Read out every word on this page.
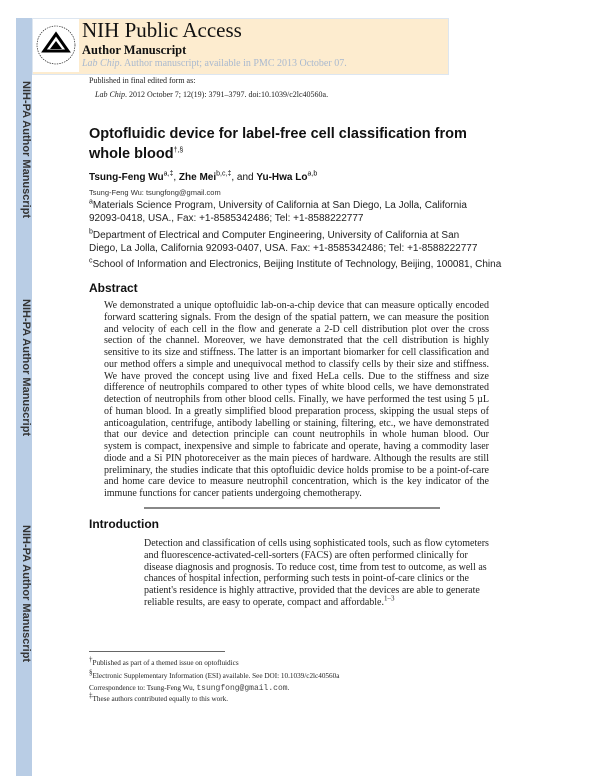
NIH-PA Author Manuscript
NIH-PA Author Manuscript
NIH-PA Author Manuscript
NIH Public Access
Author Manuscript
Lab Chip. Author manuscript; available in PMC 2013 October 07.
Published in final edited form as:
Lab Chip. 2012 October 7; 12(19): 3791–3797. doi:10.1039/c2lc40560a.
Optofluidic device for label-free cell classification from whole blood†,§
Tsung-Feng $Wu^{a,\ddagger}$, Zhe Mei$^{b,c,\ddagger}$, and Yu-Hwa Lo$^{a,b}$
Tsung-Feng Wu: tsungfong@gmail.com
$^a$Materials Science Program, University of California at San Diego, La Jolla, California 92093-0418, USA., Fax: +1-8585342486; Tel: +1-8588222777
$^b$Department of Electrical and Computer Engineering, University of California at San Diego, La Jolla, California 92093-0407, USA. Fax: +1-8585342486; Tel: +1-8588222777
$^c$School of Information and Electronics, Beijing Institute of Technology, Beijing, 100081, China
Abstract
We demonstrated a unique optofluidic lab-on-a-chip device that can measure optically encoded forward scattering signals. From the design of the spatial pattern, we can measure the position and velocity of each cell in the flow and generate a 2-D cell distribution plot over the cross section of the channel. Moreover, we have demonstrated that the cell distribution is highly sensitive to its size and stiffness. The latter is an important biomarker for cell classification and our method offers a simple and unequivocal method to classify cells by their size and stiffness. We have proved the concept using live and fixed HeLa cells. Due to the stiffness and size difference of neutrophils compared to other types of white blood cells, we have demonstrated detection of neutrophils from other blood cells. Finally, we have performed the test using 5 µL of human blood. In a greatly simplified blood preparation process, skipping the usual steps of anticoagulation, centrifuge, antibody labelling or staining, filtering, etc., we have demonstrated that our device and detection principle can count neutrophils in whole human blood. Our system is compact, inexpensive and simple to fabricate and operate, having a commodity laser diode and a Si PIN photoreceiver as the main pieces of hardware. Although the results are still preliminary, the studies indicate that this optofluidic device holds promise to be a point-of-care and home care device to measure neutrophil concentration, which is the key indicator of the immune functions for cancer patients undergoing chemotherapy.
Introduction
Detection and classification of cells using sophisticated tools, such as flow cytometers and fluorescence-activated-cell-sorters (FACS) are often performed clinically for disease diagnosis and prognosis. To reduce cost, time from test to outcome, as well as chances of hospital infection, performing such tests in point-of-care clinics or the patient's residence is highly attractive, provided that the devices are able to generate reliable results, are easy to operate, compact and affordable.$^{1-3}$
†Published as part of a themed issue on optofluidics
§Electronic Supplementary Information (ESI) available. See DOI: 10.1039/c2lc40560a
Correspondence to: Tsung-Feng Wu, tsungfong@gmail.com.
‡These authors contributed equally to this work.
